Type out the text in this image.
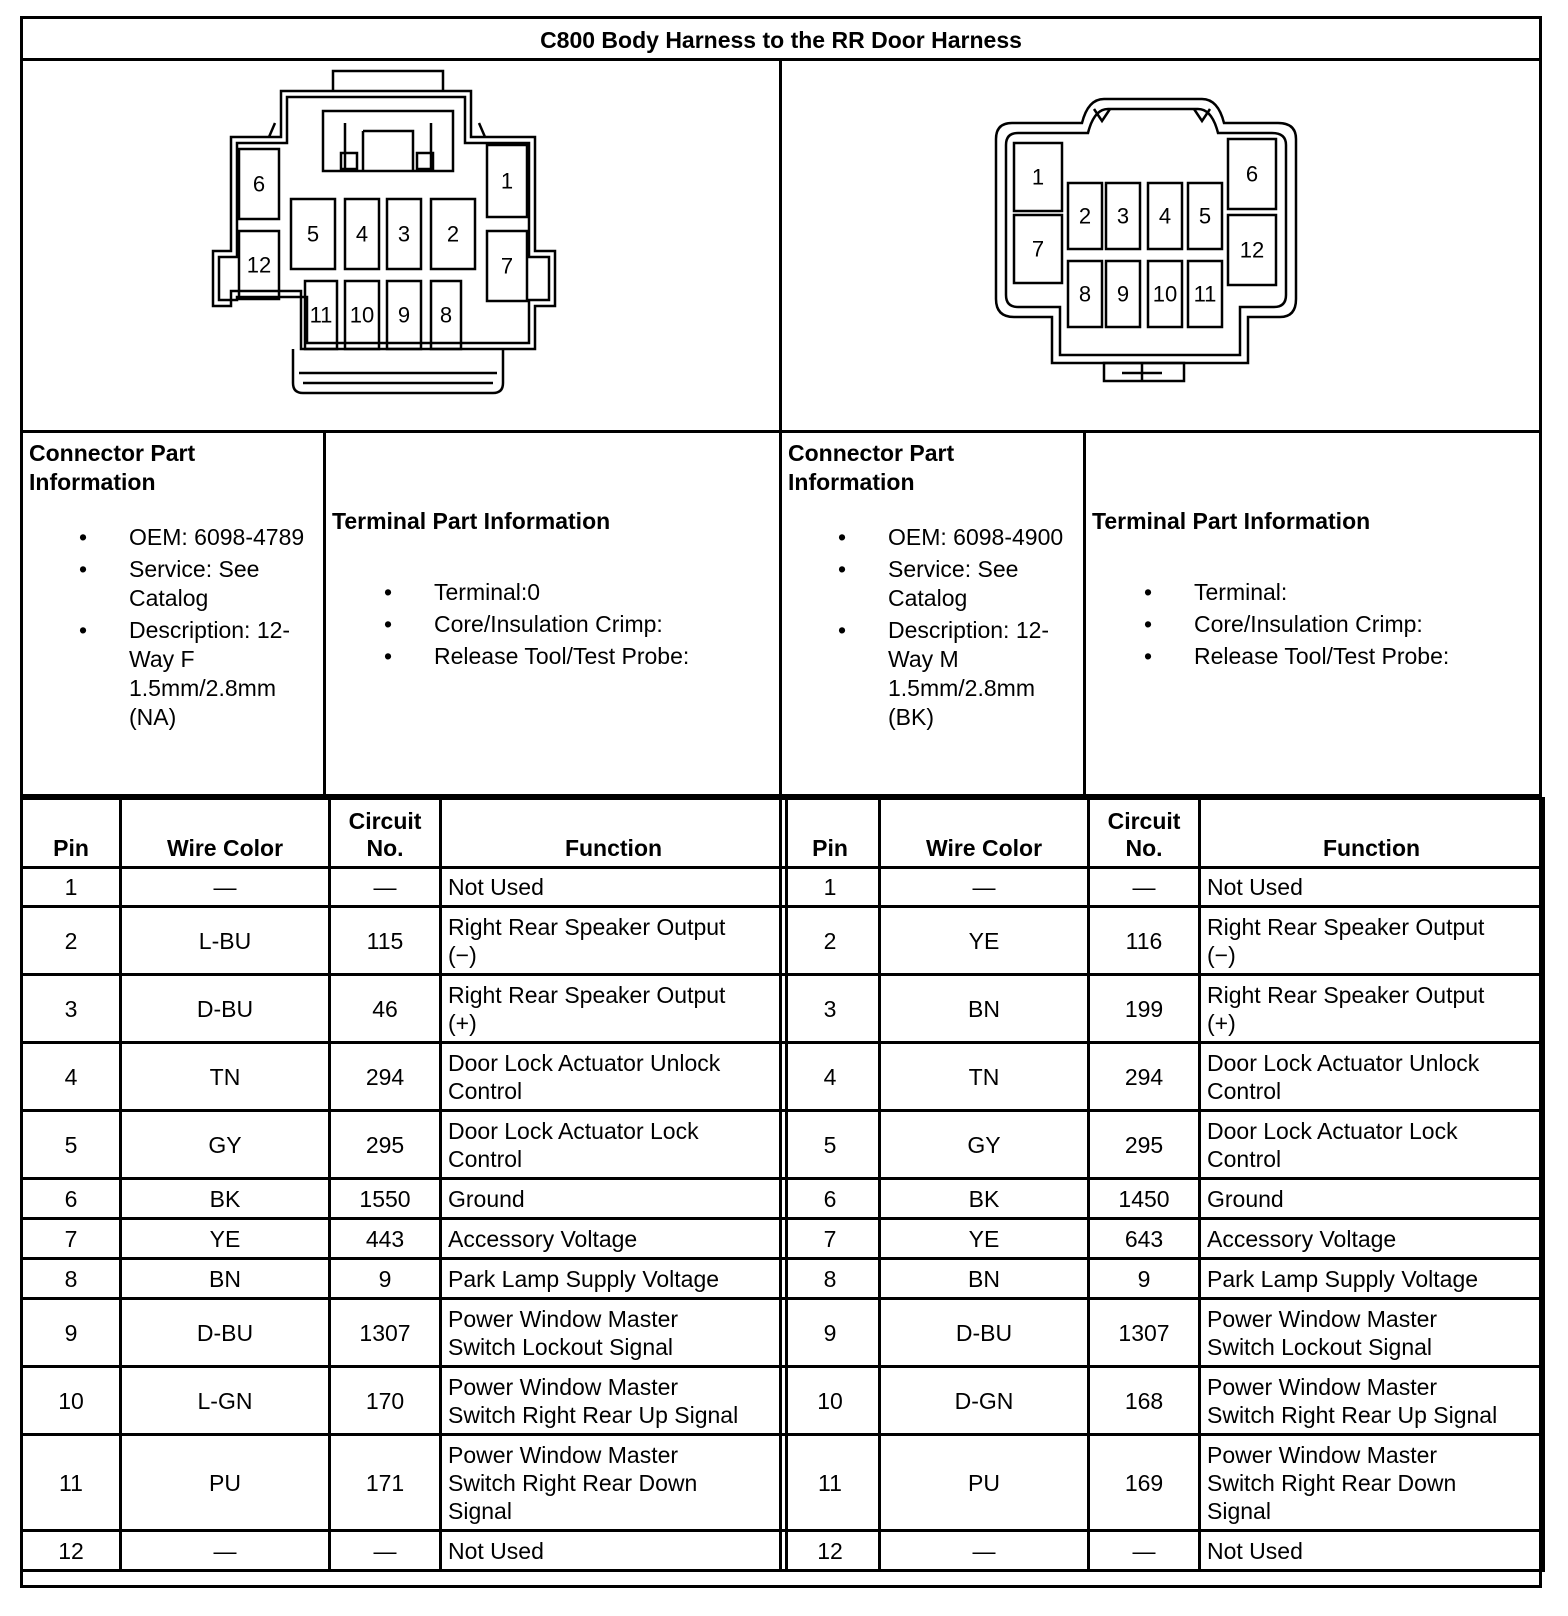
C800 Body Harness to the RR Door Harness
6
12
5 4 3 2
1
7
11 10 9 8
1
7
2 3 4 5
8 9 10 11
6
12
Connector Part
Information
• OEM: 6098-4789
• Service: See
Catalog
• Description: 12-
Way F
1.5mm/2.8mm
(NA)
Terminal Part Information
• Terminal:0
• Core/Insulation Crimp:
• Release Tool/Test Probe:
Connector Part
Information
• OEM: 6098-4900
• Service: See
Catalog
• Description: 12-
Way M
1.5mm/2.8mm
(BK)
Terminal Part Information
• Terminal:
• Core/Insulation Crimp:
• Release Tool/Test Probe:
Pin	Wire Color	Circuit
No.	Function
1	—	—	Not Used
2	L-BU	115	Right Rear Speaker Output
(−)
3	D-BU	46	Right Rear Speaker Output
(+)
4	TN	294	Door Lock Actuator Unlock
Control
5	GY	295	Door Lock Actuator Lock
Control
6	BK	1550	Ground
7	YE	443	Accessory Voltage
8	BN	9	Park Lamp Supply Voltage
9	D-BU	1307	Power Window Master
Switch Lockout Signal
10	L-GN	170	Power Window Master
Switch Right Rear Up Signal
11	PU	171	Power Window Master
Switch Right Rear Down
Signal
12	—	—	Not Used
Pin	Wire Color	Circuit
No.	Function
1	—	—	Not Used
2	YE	116	Right Rear Speaker Output
(−)
3	BN	199	Right Rear Speaker Output
(+)
4	TN	294	Door Lock Actuator Unlock
Control
5	GY	295	Door Lock Actuator Lock
Control
6	BK	1450	Ground
7	YE	643	Accessory Voltage
8	BN	9	Park Lamp Supply Voltage
9	D-BU	1307	Power Window Master
Switch Lockout Signal
10	D-GN	168	Power Window Master
Switch Right Rear Up Signal
11	PU	169	Power Window Master
Switch Right Rear Down
Signal
12	—	—	Not Used
